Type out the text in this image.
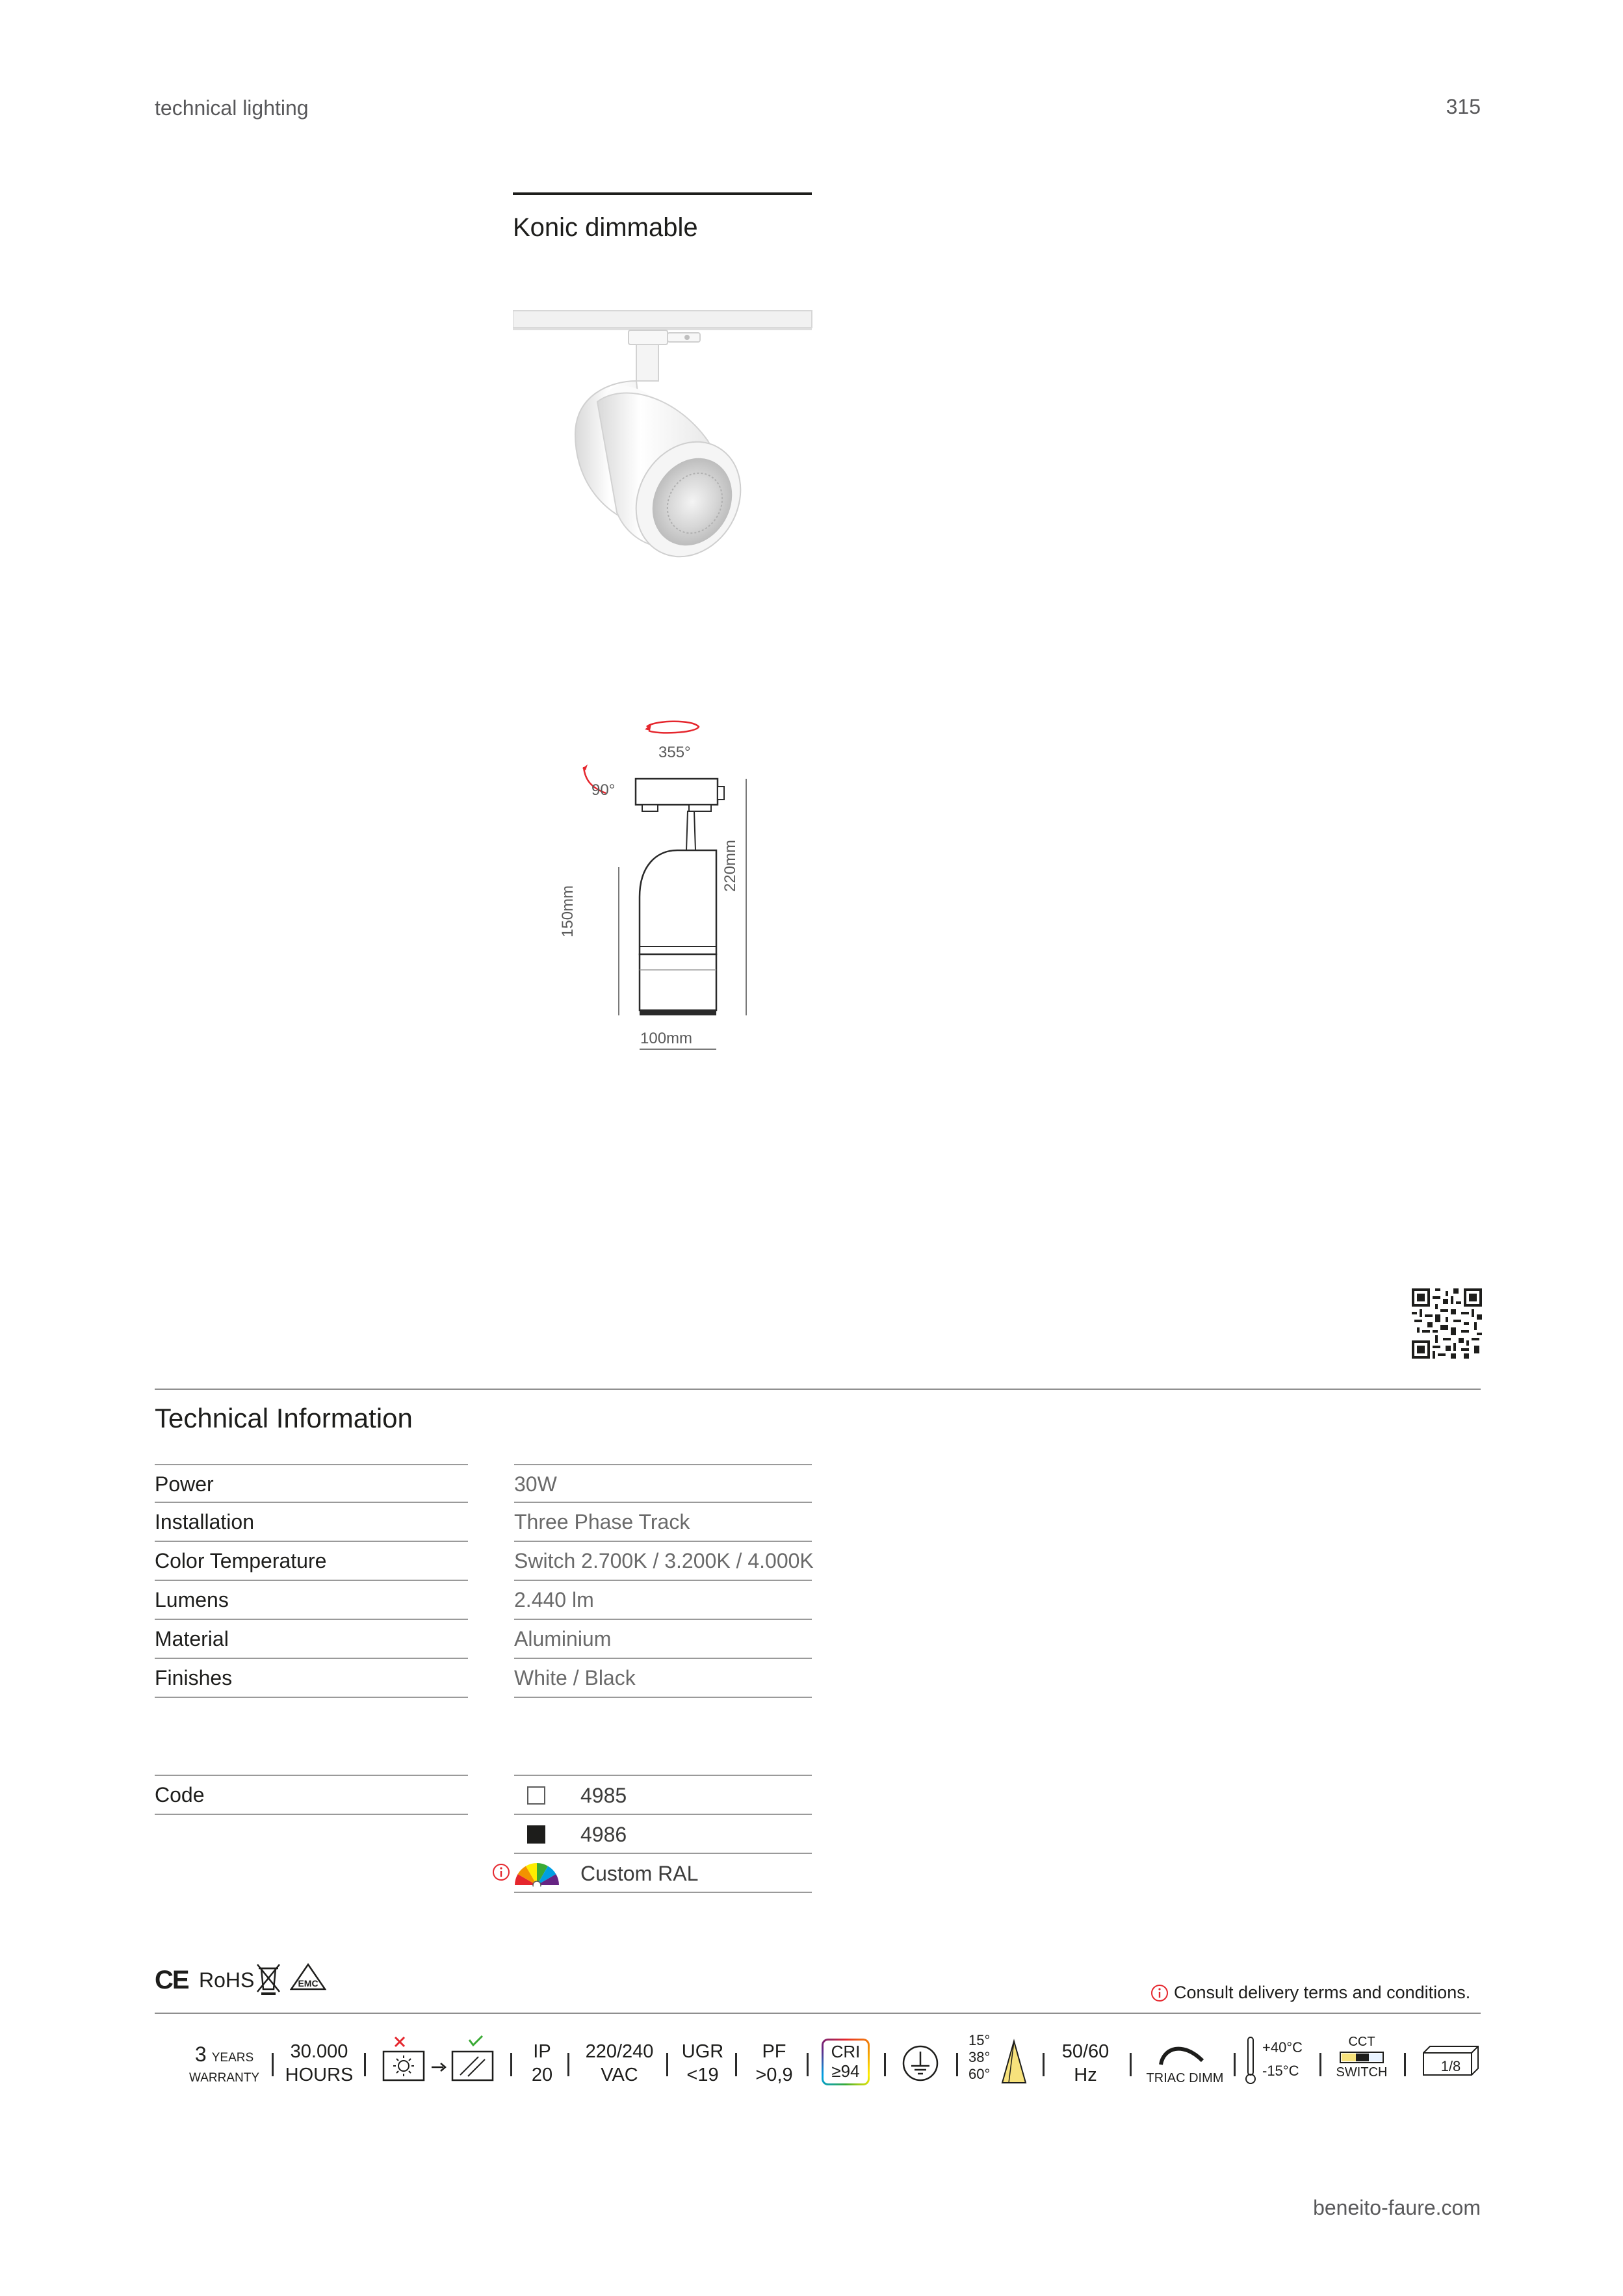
technical lighting	315
Konic dimmable
355°
90°
150mm
220mm
100mm
Technical Information
Power	30W
Installation	Three Phase Track
Color Temperature	Switch 2.700K / 3.200K / 4.000K
Lumens	2.440 lm
Material	Aluminium
Finishes	White / Black
Code	4985
4986
Custom RAL
CE RoHS	EMC	Consult delivery terms and conditions.
3 YEARS
WARRANTY
30.000
HOURS
IP
20
220/240
VAC
UGR
<19
PF
>0,9
CRI
≥94
15°
38°
60°
50/60
Hz	TRIAC DIMM
+40°C
-15°C
CCT
SWITCH	1/8
beneito-faure.com
